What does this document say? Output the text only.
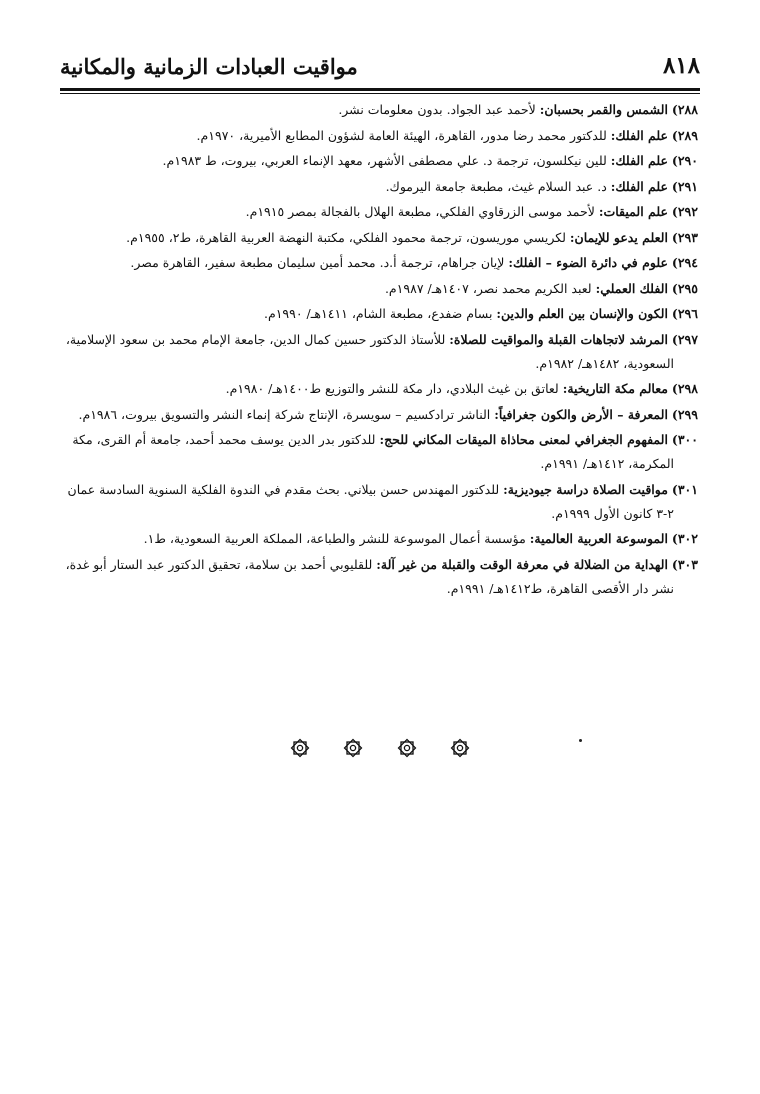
٨١٨
مواقيت العبادات الزمانية والمكانية

٢٨٨) الشمس والقمر بحسبان: لأحمد عبد الجواد. بدون معلومات نشر.

٢٨٩) علم الفلك: للدكتور محمد رضا مدور، القاهرة، الهيئة العامة لشؤون المطابع الأميرية، ١٩٧٠م.

٢٩٠) علم الفلك: للين نيكلسون، ترجمة د. علي مصطفى الأشهر، معهد الإنماء العربي، بيروت، ط ١٩٨٣م.

٢٩١) علم الفلك: د. عبد السلام غيث، مطبعة جامعة اليرموك.

٢٩٢) علم الميقات: لأحمد موسى الزرقاوي الفلكي، مطبعة الهلال بالفجالة بمصر ١٩١٥م.

٢٩٣) العلم يدعو للإيمان: لكريسي موريسون، ترجمة محمود الفلكي، مكتبة النهضة العربية القاهرة، ط٢، ١٩٥٥م.

٢٩٤) علوم في دائرة الضوء – الفلك: لإيان جراهام، ترجمة أ.د. محمد أمين سليمان مطبعة سفير، القاهرة مصر.

٢٩٥) الفلك العملي: لعبد الكريم محمد نصر، ١٤٠٧هـ/ ١٩٨٧م.

٢٩٦) الكون والإنسان بين العلم والدين: بسام ضفدع، مطبعة الشام، ١٤١١هـ/ ١٩٩٠م.

٢٩٧) المرشد لاتجاهات القبلة والمواقيت للصلاة: للأستاذ الدكتور حسين كمال الدين، جامعة الإمام محمد بن سعود الإسلامية، السعودية، ١٤٨٢هـ/ ١٩٨٢م.

٢٩٨) معالم مكة التاريخية: لعاتق بن غيث البلادي، دار مكة للنشر والتوزيع ط١٤٠٠هـ/ ١٩٨٠م.

٢٩٩) المعرفة – الأرض والكون جغرافياً: الناشر ترادكسيم – سويسرة، الإنتاج شركة إنماء النشر والتسويق بيروت، ١٩٨٦م.

٣٠٠) المفهوم الجغرافي لمعنى محاذاة الميقات المكاني للحج: للدكتور بدر الدين يوسف محمد أحمد، جامعة أم القرى، مكة المكرمة، ١٤١٢هـ/ ١٩٩١م.

٣٠١) مواقيت الصلاة دراسة جيوديزية: للدكتور المهندس حسن بيلاني. بحث مقدم في الندوة الفلكية السنوية السادسة عمان ٢-٣ كانون الأول ١٩٩٩م.

٣٠٢) الموسوعة العربية العالمية: مؤسسة أعمال الموسوعة للنشر والطباعة، المملكة العربية السعودية، ط١.

٣٠٣) الهداية من الضلالة في معرفة الوقت والقبلة من غير آلة: للقليوبي أحمد بن سلامة، تحقيق الدكتور عبد الستار أبو غدة، نشر دار الأقصى القاهرة، ط١٤١٢هـ/ ١٩٩١م.
